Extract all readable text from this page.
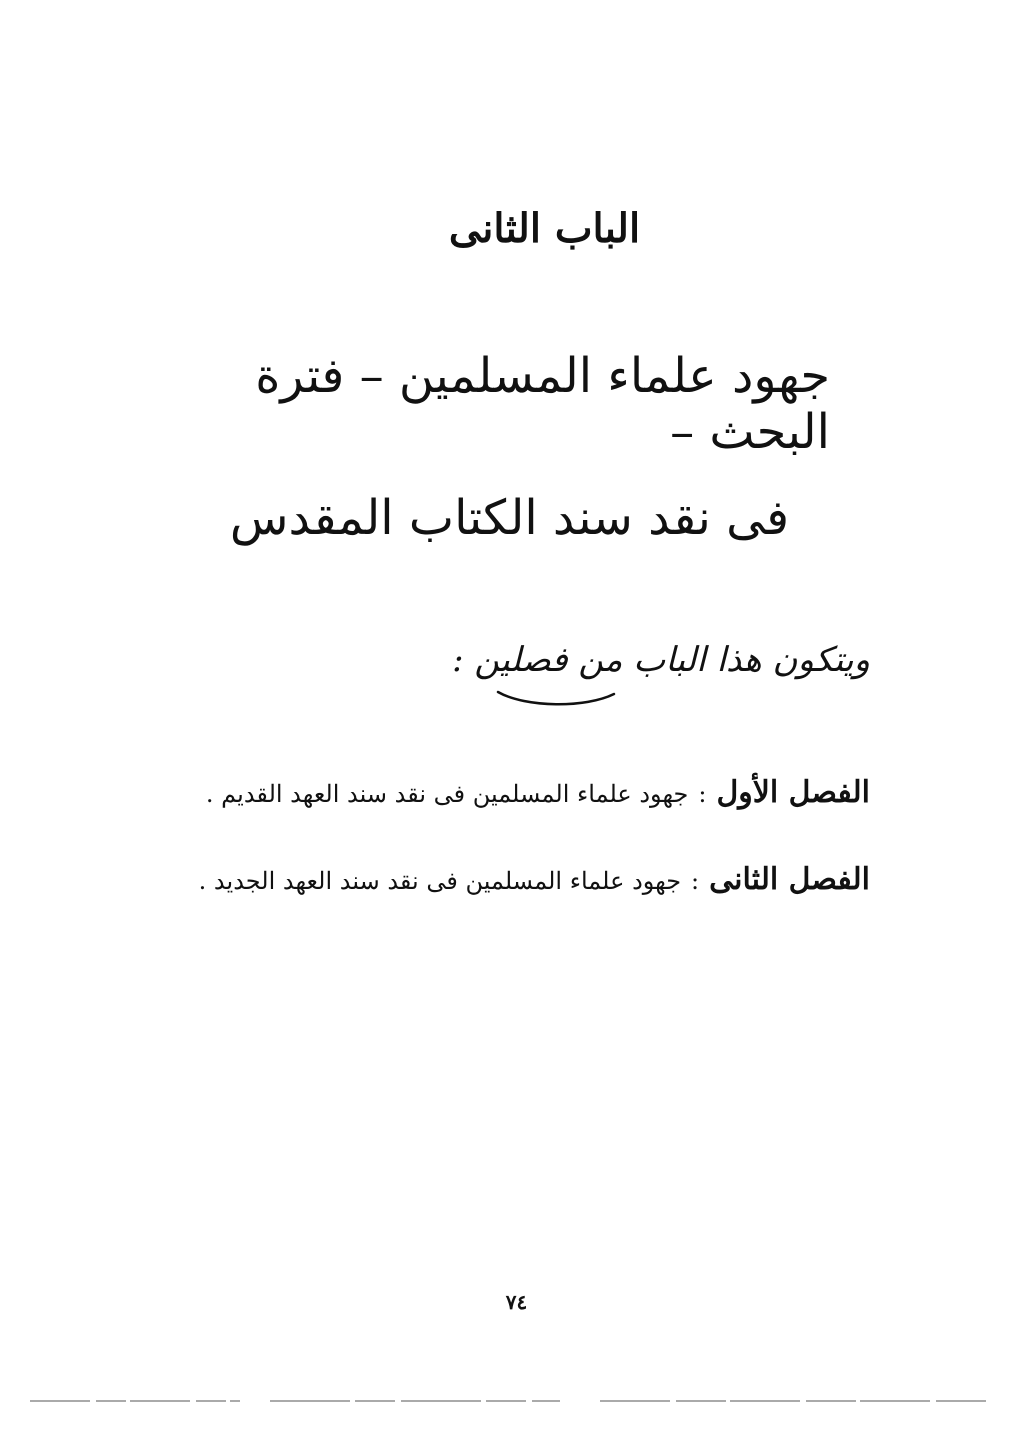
الباب الثانى
جهود علماء المسلمين – فترة البحث –
فى نقد سند الكتاب المقدس
ويتكون هذا الباب من فصلين :
الفصل الأول:جهود علماء المسلمين فى نقد سند العهد القديم .
الفصل الثانى:جهود علماء المسلمين فى نقد سند العهد الجديد .
٧٤
